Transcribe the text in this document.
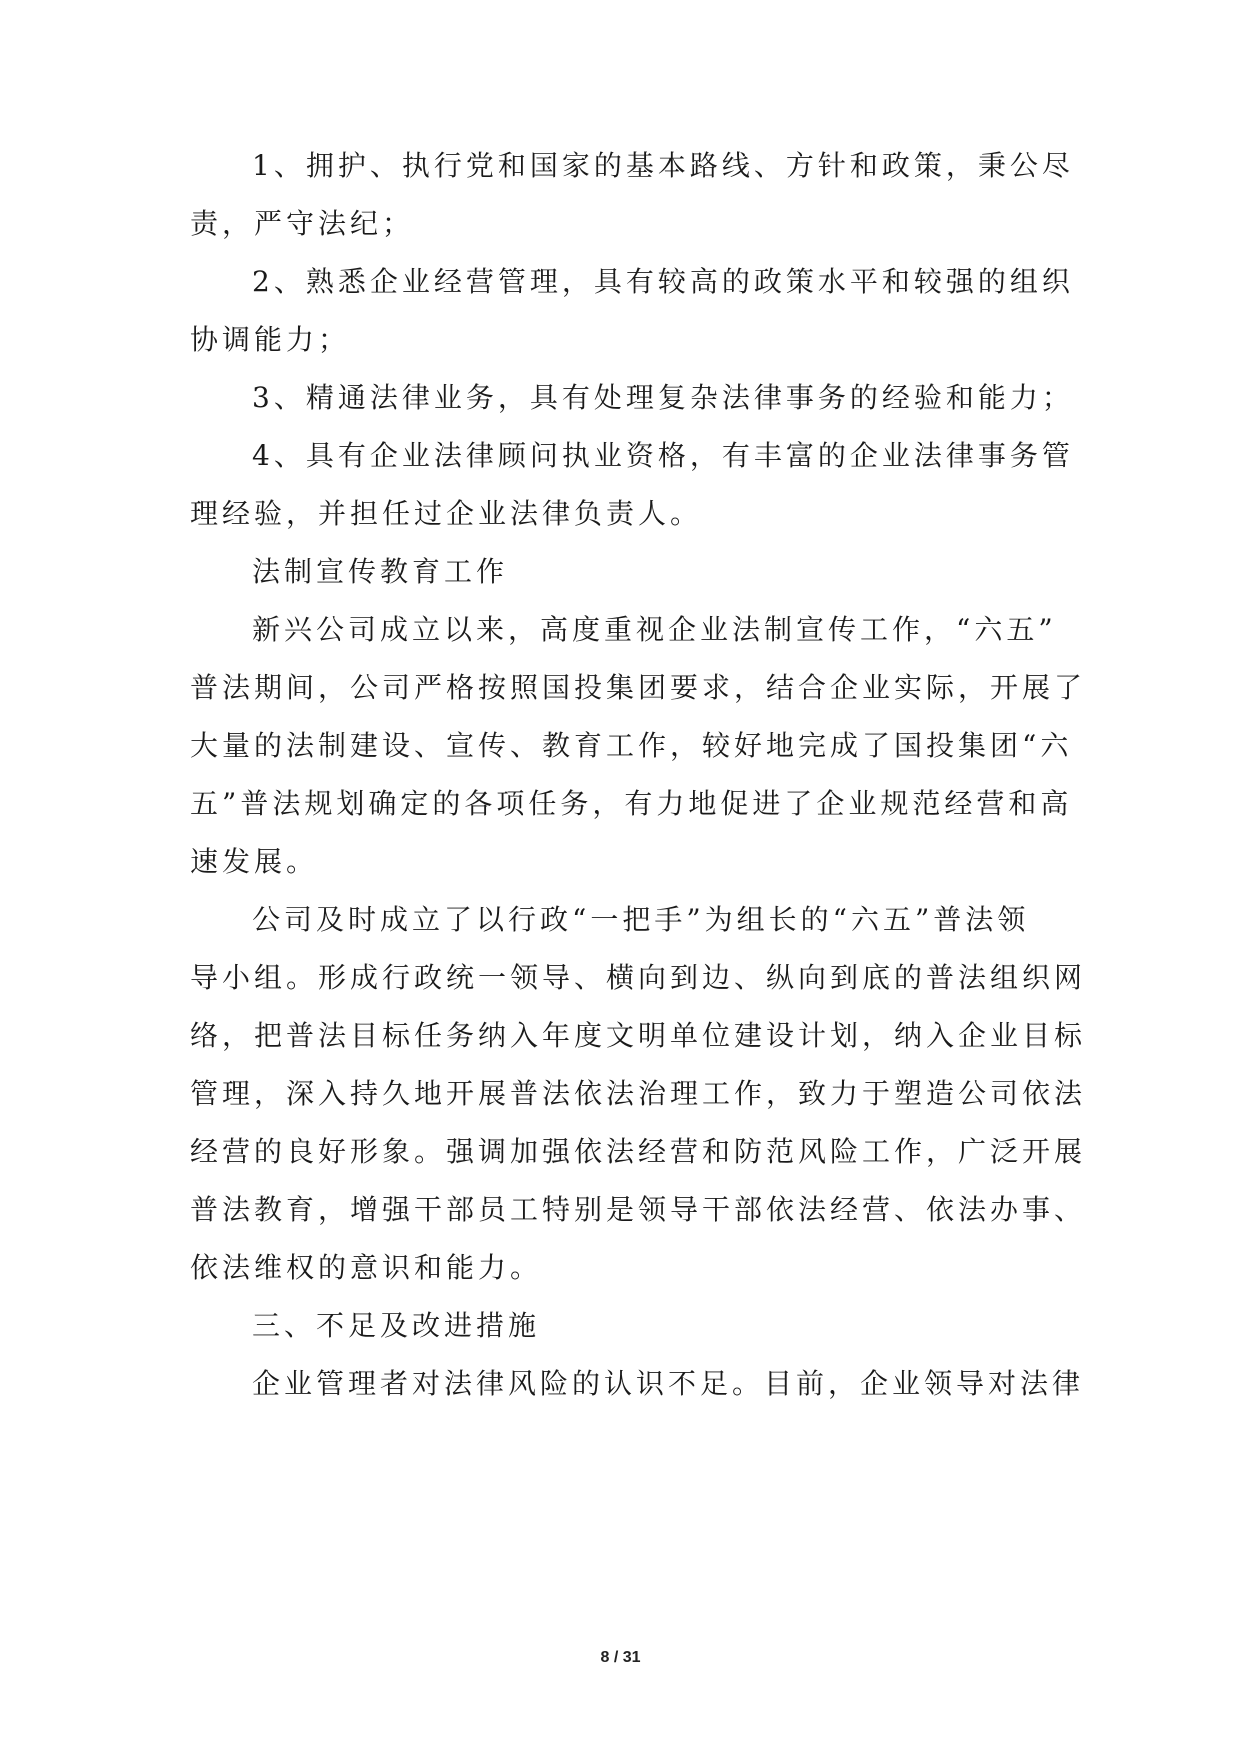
1、拥护、执行党和国家的基本路线、方针和政策，秉公尽
责，严守法纪；
2、熟悉企业经营管理，具有较高的政策水平和较强的组织
协调能力；
3、精通法律业务，具有处理复杂法律事务的经验和能力；
4、具有企业法律顾问执业资格，有丰富的企业法律事务管
理经验，并担任过企业法律负责人。
法制宣传教育工作
新兴公司成立以来，高度重视企业法制宣传工作，“六五”
普法期间，公司严格按照国投集团要求，结合企业实际，开展了
大量的法制建设、宣传、教育工作，较好地完成了国投集团“六
五”普法规划确定的各项任务，有力地促进了企业规范经营和高
速发展。
公司及时成立了以行政“一把手”为组长的“六五”普法领
导小组。形成行政统一领导、横向到边、纵向到底的普法组织网
络，把普法目标任务纳入年度文明单位建设计划，纳入企业目标
管理，深入持久地开展普法依法治理工作，致力于塑造公司依法
经营的良好形象。强调加强依法经营和防范风险工作，广泛开展
普法教育，增强干部员工特别是领导干部依法经营、依法办事、
依法维权的意识和能力。
三、不足及改进措施
企业管理者对法律风险的认识不足。目前，企业领导对法律
8 / 31
